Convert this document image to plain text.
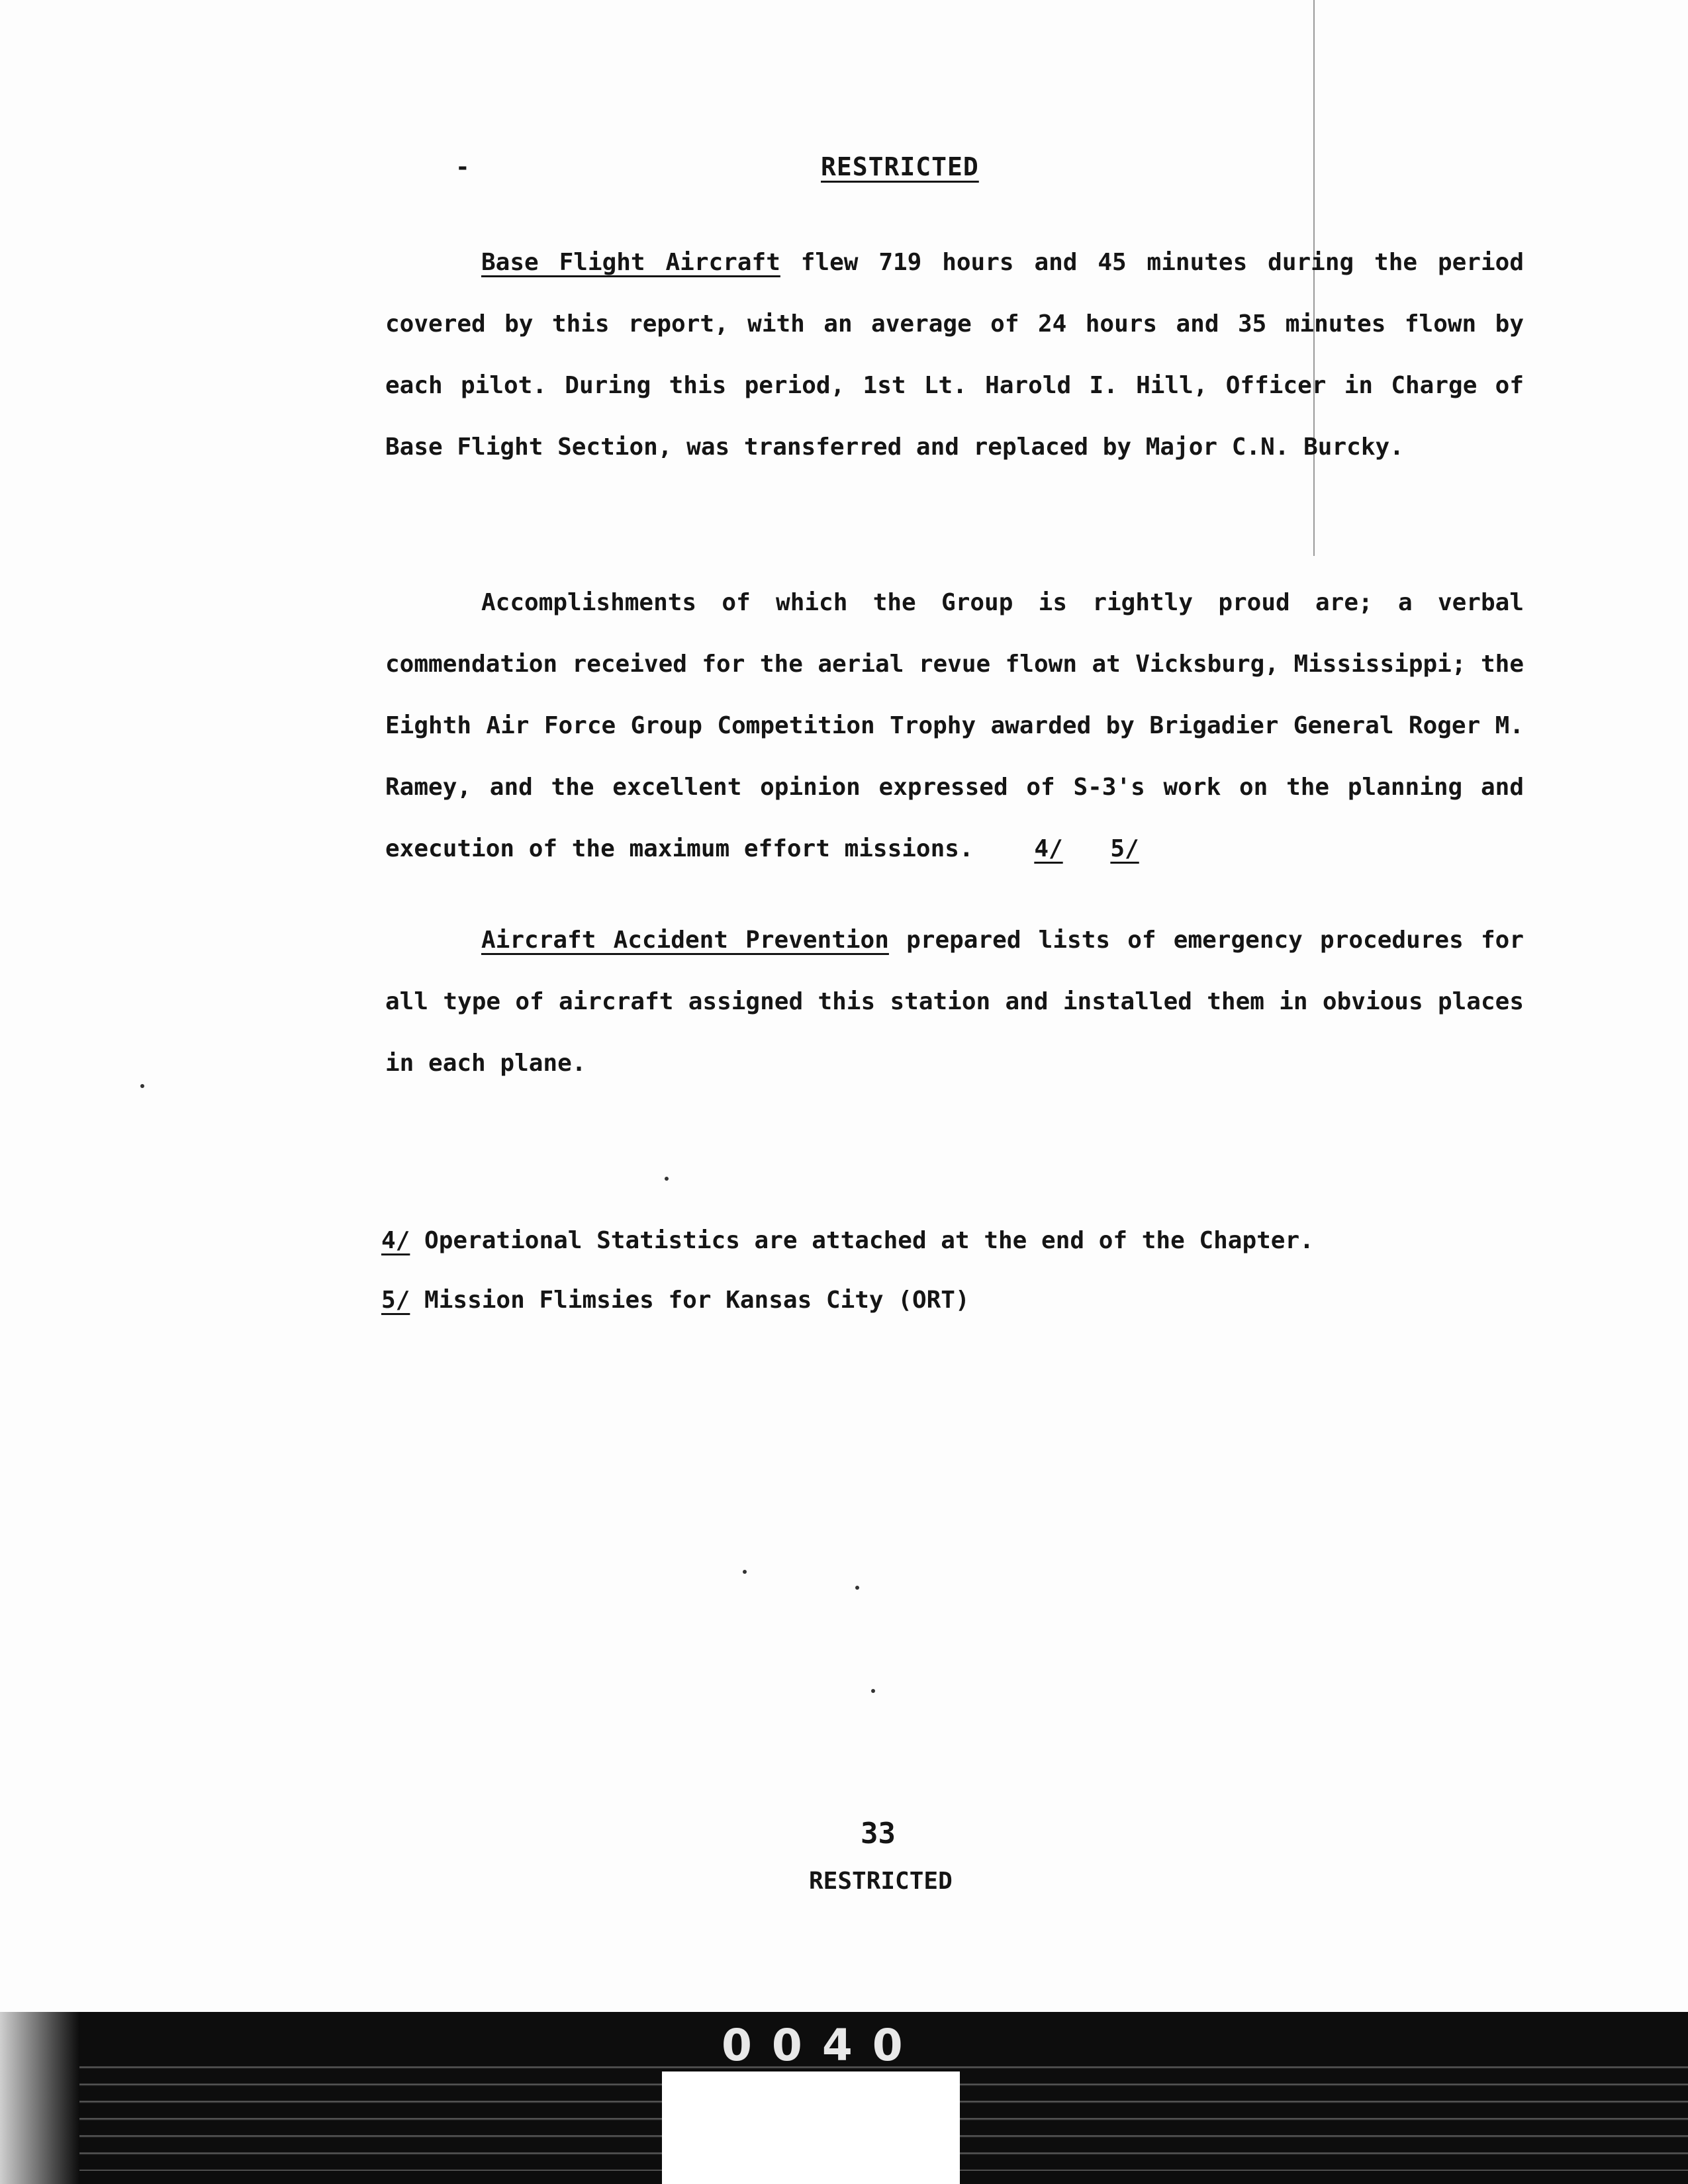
-	RESTRICTED
Base Flight Aircraft flew 719 hours and 45 minutes during the period covered by this report, with an average of 24 hours and 35 minutes flown by each pilot. During this period, 1st Lt. Harold I. Hill, Officer in Charge of Base Flight Section, was transferred and replaced by Major C.N. Burcky.
Accomplishments of which the Group is rightly proud are; a verbal commendation received for the aerial revue flown at Vicksburg, Mississippi; the Eighth Air Force Group Competition Trophy awarded by Brigadier General Roger M. Ramey, and the excellent opinion expressed of S-3's work on the planning and execution of the maximum effort missions.	4/ 5/
Aircraft Accident Prevention prepared lists of emergency procedures for all type of aircraft assigned this station and installed them in obvious places in each plane.
4/ Operational Statistics are attached at the end of the Chapter.
5/ Mission Flimsies for Kansas City (ORT)
33
RESTRICTED
0040
